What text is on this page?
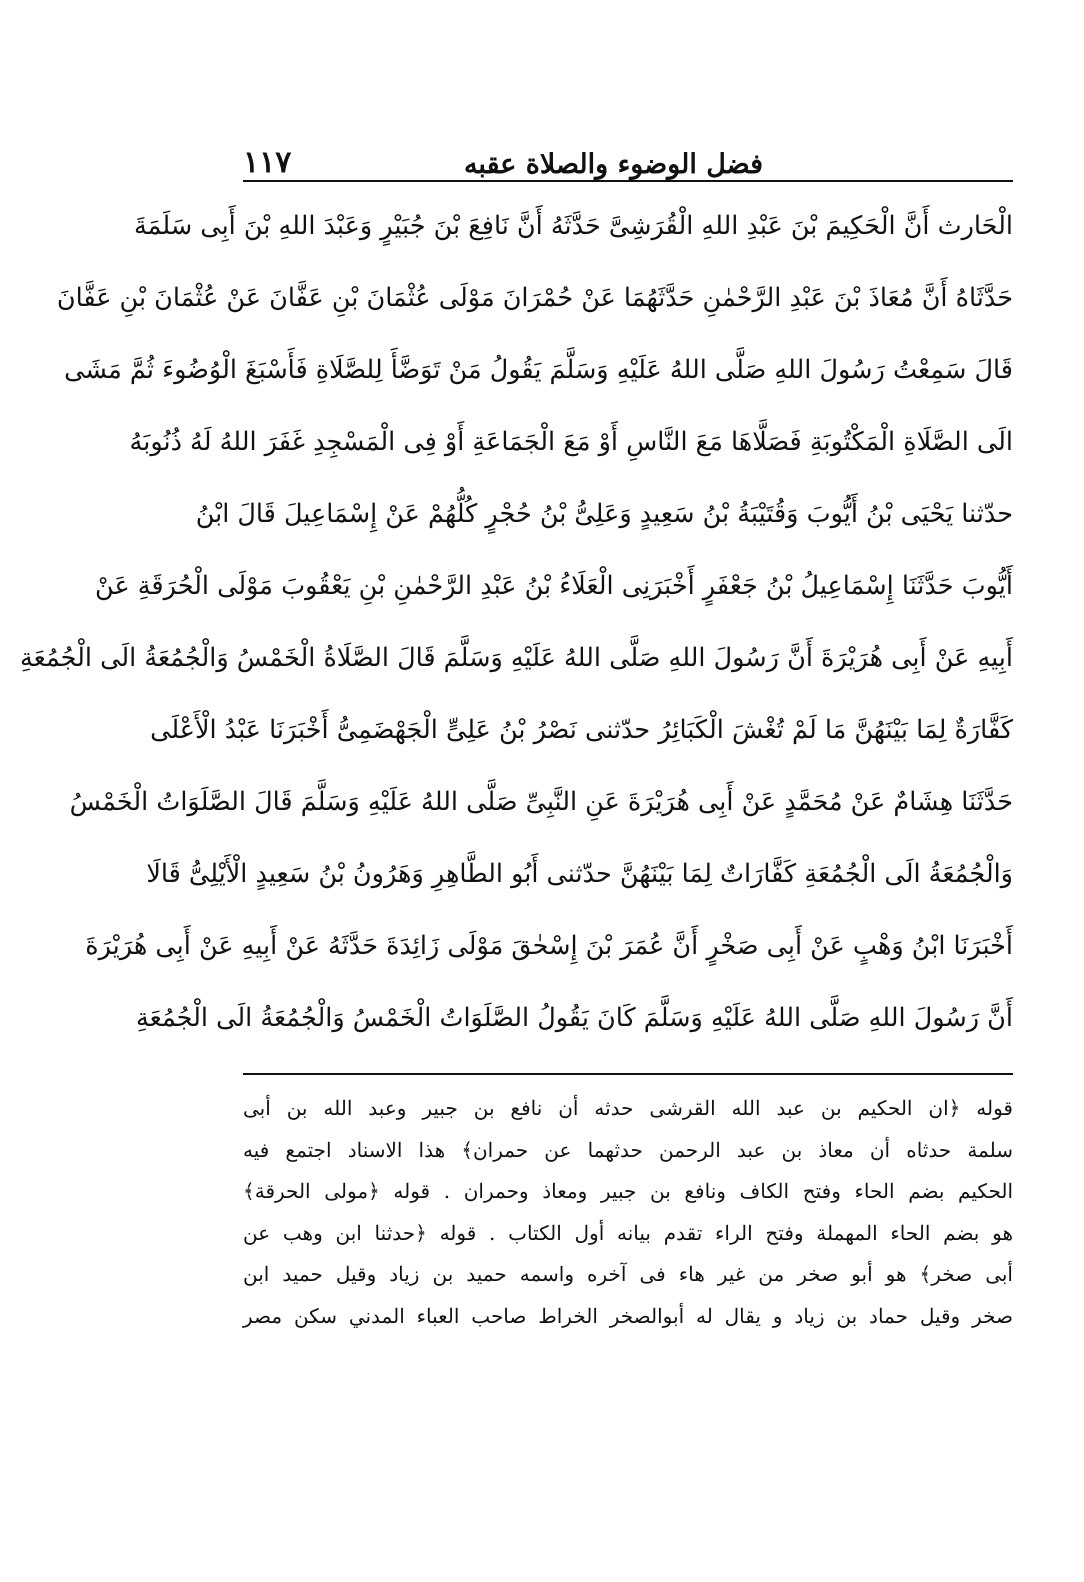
١١٧	فضل الوضوء والصلاة عقبه
الْحَارث أَنَّ الْحَكِيمَ بْنَ عَبْدِ اللهِ الْقُرَشِىَّ حَدَّثَهُ أَنَّ نَافِعَ بْنَ جُبَيْرٍ وَعَبْدَ اللهِ بْنَ أَبِى سَلَمَةَ
حَدَّثَاهُ أَنَّ مُعَاذَ بْنَ عَبْدِ الرَّحْمٰنِ حَدَّثَهُمَا عَنْ حُمْرَانَ مَوْلَى عُثْمَانَ بْنِ عَفَّانَ عَنْ عُثْمَانَ بْنِ عَفَّانَ
قَالَ سَمِعْتُ رَسُولَ اللهِ صَلَّى اللهُ عَلَيْهِ وَسَلَّمَ يَقُولُ مَنْ تَوَضَّأَ لِلصَّلَاةِ فَأَسْبَغَ الْوُضُوءَ ثُمَّ مَشَى
الَى الصَّلَاةِ الْمَكْتُوبَةِ فَصَلَّاهَا مَعَ النَّاسِ أَوْ مَعَ الْجَمَاعَةِ أَوْ فِى الْمَسْجِدِ غَفَرَ اللهُ لَهُ ذُنُوبَهُ
حدّثنا يَحْيَى بْنُ أَيُّوبَ وَقُتَيْبَةُ بْنُ سَعِيدٍ وَعَلِىُّ بْنُ حُجْرٍ كُلُّهُمْ عَنْ إِسْمَاعِيلَ قَالَ ابْنُ
أَيُّوبَ حَدَّثَنَا إِسْمَاعِيلُ بْنُ جَعْفَرٍ أَخْبَرَنِى الْعَلَاءُ بْنُ عَبْدِ الرَّحْمٰنِ بْنِ يَعْقُوبَ مَوْلَى الْحُرَقَةِ عَنْ
أَبِيهِ عَنْ أَبِى هُرَيْرَةَ أَنَّ رَسُولَ اللهِ صَلَّى اللهُ عَلَيْهِ وَسَلَّمَ قَالَ الصَّلَاةُ الْخَمْسُ وَالْجُمُعَةُ الَى الْجُمُعَةِ
كَفَّارَةٌ لِمَا بَيْنَهُنَّ مَا لَمْ تُغْشَ الْكَبَائِرُ حدّثنى نَصْرُ بْنُ عَلِىٍّ الْجَهْضَمِىُّ أَخْبَرَنَا عَبْدُ الْأَعْلَى
حَدَّثَنَا هِشَامٌ عَنْ مُحَمَّدٍ عَنْ أَبِى هُرَيْرَةَ عَنِ النَّبِىِّ صَلَّى اللهُ عَلَيْهِ وَسَلَّمَ قَالَ الصَّلَوَاتُ الْخَمْسُ
وَالْجُمُعَةُ الَى الْجُمُعَةِ كَفَّارَاتٌ لِمَا بَيْنَهُنَّ حدّثنى أَبُو الطَّاهِرِ وَهَرُونُ بْنُ سَعِيدٍ الْأَيْلِىُّ قَالَا
أَخْبَرَنَا ابْنُ وَهْبٍ عَنْ أَبِى صَخْرٍ أَنَّ عُمَرَ بْنَ إِسْحٰقَ مَوْلَى زَائِدَةَ حَدَّثَهُ عَنْ أَبِيهِ عَنْ أَبِى هُرَيْرَةَ
أَنَّ رَسُولَ اللهِ صَلَّى اللهُ عَلَيْهِ وَسَلَّمَ كَانَ يَقُولُ الصَّلَوَاتُ الْخَمْسُ وَالْجُمُعَةُ الَى الْجُمُعَةِ
قوله ﴿ان الحكيم بن عبد الله القرشى حدثه أن نافع بن جبير وعبد الله بن أبى
سلمة حدثاه أن معاذ بن عبد الرحمن حدثهما عن حمران﴾ هذا الاسناد اجتمع فيه
الحكيم بضم الحاء وفتح الكاف ونافع بن جبير ومعاذ وحمران . قوله ﴿مولى الحرقة﴾
هو بضم الحاء المهملة وفتح الراء تقدم بيانه أول الكتاب . قوله ﴿حدثنا ابن وهب عن
أبى صخر﴾ هو أبو صخر من غير هاء فى آخره واسمه حميد بن زياد وقيل حميد ابن
صخر وقيل حماد بن زياد و يقال له أبوالصخر الخراط صاحب العباء المدني سكن مصر
